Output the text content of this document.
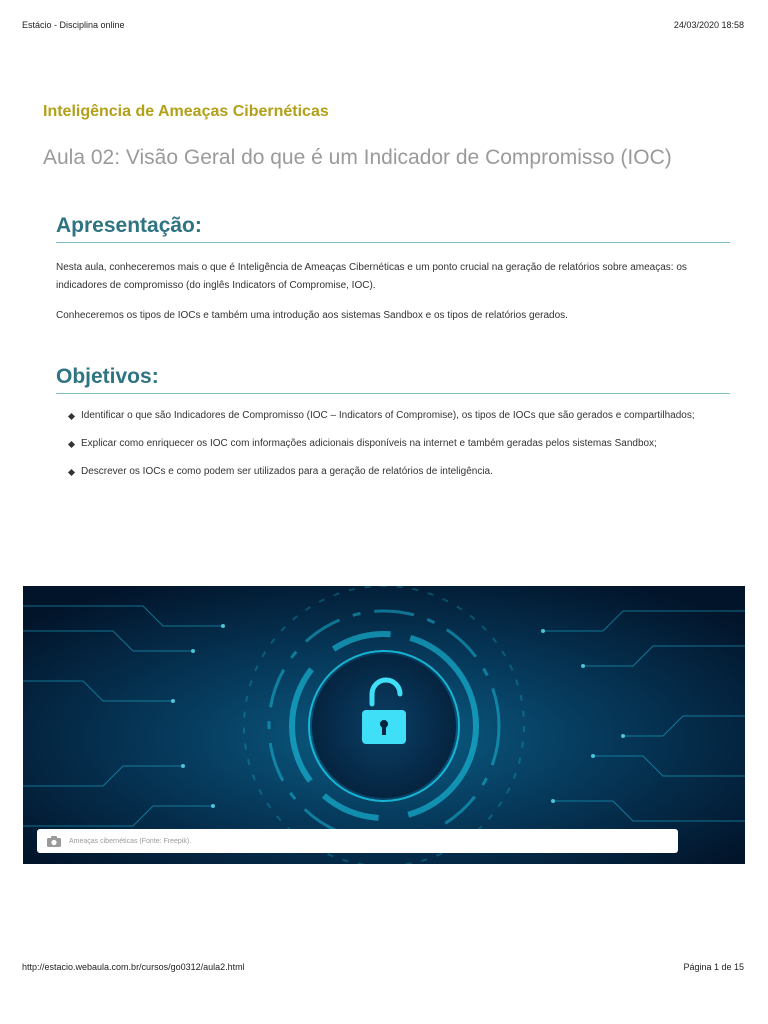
Estácio - Disciplina online	24/03/2020 18:58
Inteligência de Ameaças Cibernéticas
Aula 02: Visão Geral do que é um Indicador de Compromisso (IOC)
Apresentação:

Nesta aula, conheceremos mais o que é Inteligência de Ameaças Cibernéticas e um ponto crucial na geração de relatórios sobre ameaças: os indicadores de compromisso (do inglês Indicators of Compromise, IOC).

Conheceremos os tipos de IOCs e também uma introdução aos sistemas Sandbox e os tipos de relatórios gerados.

Objetivos:
Identificar o que são Indicadores de Compromisso (IOC – Indicators of Compromise), os tipos de IOCs que são gerados e compartilhados;
Explicar como enriquecer os IOC com informações adicionais disponíveis na internet e também geradas pelos sistemas Sandbox;
Descrever os IOCs e como podem ser utilizados para a geração de relatórios de inteligência.
Ameaças cibernéticas (Fonte: Freepik).
http://estacio.webaula.com.br/cursos/go0312/aula2.html	Página 1 de 15
